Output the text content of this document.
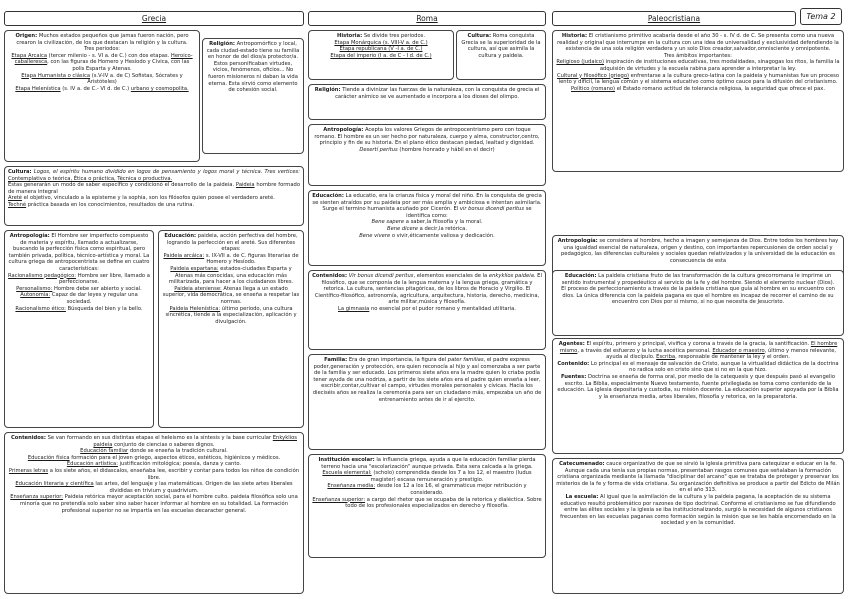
Grecia	Roma	Paleocristiana	Tema 2

Origen: Muchos estados pequeños que jamas fueron nación, pero crearon la civilización, de los que destacan la religión y la cultura.

Tres periodos:

Etapa Arcaica (tercer milenio - s. VI a. de C.) con dos etapas. Heroico-caballeresca, con las figuras de Homero y Hesíodo y Cívica, con las polis Esparta y Atenas.

Etapa Humanista o clásica (s.V-IV a. de C) Sofistas, Sócrates y Aristóteles)

Etapa Helenística (s. IV a. de C.- VI d. de C.) urbano y cosmopolita.

Religión: Antropomórfico y local, cada ciudad-estado tiene su familia en honor de del dios/a protector/a. Estos personificaban virtudes, vicios, fenómenos, oficios... No fueron misioneros ni daban la vida eterna. Esta sirvió como elemento de cohesión social.

Cultura: Logos, el espíritu humano dividido en logos de pensamiento y logos moral y técnica. Tres vertices: Contemplativa o teórica, Ética o práctica, Técnica o productiva.

Estas generarán un modo de saber específico y condicionó el desarrollo de la paideia. Paideia hombre formado de manera integral

Areté el objetivo, vinculado a la episteme y la sophia, son los filósofos quien posee el verdadero areté.

Techné práctica basada en los conocimientos, resultados de una rutina.

Antropología: El Hombre ser imperfecto compuesto de materia y espíritu, llamado a actualizarse, buscando la perfección física como espiritual, pero también privada, política, técnico-artística y moral. La cultura griega de antropocentrista se define en cuatro características:

Racionalismo pedagógico: Hombre ser libre, llamado a perfeccionarse.

Personalismo: Hombre debe ser abierto y social.

Autonomía: Capaz de dar leyes y regular una sociedad.

Racionalismo ético: Búsqueda del bien y la bello.

Educación: paideia, acción perfectiva del hombre, logrando la perfección en el areté. Sus diferentes etapas:

Paideia arcáica: s. IX-VII a. de C. figuras literarias de Homero y Hesíodo.

Paideia espartana: estados-ciudades Esparta y Atenas más conocidas, una educación más militarizada, para hacer a los ciudadanos libres.

Paideia ateniense: Atenas llega a un estado superior, vida democrática, se enseña a respetar las normas.

Paideia Helenística: último periodo, una cultura sincrética, tiende a la especialización, aplicación y divulgación.

Contenidos: Se van formando en sus distintas etapas el heleismo es la síntesis y la base curricular Enkyklios paideia conjunto de ciencias o saberes dignos.

Educación familiar donde se enseña la tradición cultural.

Educación física formación para el joven griego, aspectos éticos, estéticos, higiénicos y médicos.

Educación artística: justificación mitológica; poesía, danza y canto.

Primeras letras a los siete años, el didascalos, enseñaba lee, escribir y contar para todos los niños de condición libre.

Educación literaria y científica las artes, del lenguaje y las matemáticas. Origen de las siete artes liberales divididas en trivium y quadrivium.

Enseñanza superior: Paideia retórica mayor aceptación social, para el hombre culto. paideia filosófica solo una minoría que no pretendía solo saber sino saber hacer informar al hombre en su totalidad. La formación profesional superior no se impartía en las escuelas decaracter general.

Historia: Se divide tres periodos.

Etapa Monárquica (s. VIII-V a. de C.)

Etapa republicana (V -I a. de C.)

Etapa del imperio (I a. de C - I d. de C.)

Cultura: Roma conquista Grecia se la superioridad de la cultura, así que asimila la cultura y paideia.

Religión: Tiende a divinizar las fuerzas de la naturaleza, con la conquista de grecia el carácter anímico se ve aumentado e incorpora a los dioses del olimpo.

Antropología: Acepta los valores Griegos de antropocentrismo pero con toque romano. El hombre es un ser hecho por naturaleza, cuerpo y alma, constructor,centro, principio y fin de su historia. En el plano ético destacan piedad, lealtad y dignidad. Desertí peritus (hombre honrado y hábil en el decir)

Educación: La educatio, era la crianza física y moral del niño. En la conquista de grecia se sienten atraídos por su paideia por ser más amplia y ambiciosa e intentan asimilarla. Surge el termino humanista acuñado por Cicerón. El vir bonus dicendi peritus se identifica como:

Bene sapere a saber,la filosofía y la moral.

Bene dicere a decir,la retórica.

Bene vivere o vivir,éticamente valiosa y dedicación.

Contenidos: Vir bonus dicendi peritus, elementos esenciales de la enkyklios paideia. El filosófico, que se componía de la lengua materna y la lengua griega, gramática y retorica. La cultura, sentencias pitagóricas, de los libros de Horacio y Virgilio. El Científico-filosófico, astronomía, agricultura, arquitectura, historia, derecho, medicina, arte militar,música y filosofía.

La gimnasia no esencial por el pudor romano y mentalidad utilitaria.

Familia: Era de gran importancia, la figura del pater familias, el padre express poder,generación y protección, era quien reconocía al hijo y así comenzaba a ser parte de la familia y ser educado. Los primeros siete años era la madre quien lo criaba podía tener ayuda de una nodriza, a partir de los siete años era el padre quien enseña a leer, escribir,contar,cultivar el campo, virtudes morales personales y cívicas. Hacia los dieciséis años se realiza la ceremonia para ser un ciudadano más, empezaba un año de entrenamiento antes de ir al ejercito.

Institución escolar: la influencia griega, ayuda a que la educación familiar pierda terreno hacia una "escolarización" aunque privada. Esta sera calcada a la griega.

Escuela elemental: (scholo) comprendida desde los 7 a los 12, el maestro (ludus magister) escasa remuneración y prestigio.

Enseñanza media: desde los 12 a los 16, el grammaticus mejor retribución y considerado.

Enseñanza superior: a cargo del rhetor que se ocupaba de la retorica y dialéctica. Sobre todo de los profesionales especializados en derecho y filosofía.

Historia: El cristianismo primitivo acabaría desde el año 30 - s. IV d. de C. Se presenta como una nueva realidad y original que interrumpe en la cultura con una idea de universalidad y exclusividad defendiendo la existencia de una sola religión verdadera y un solo Dios creador,salvador,omnisciente y omnipotente.

Tres ámbitos importantes:

Religioso (judaico) inspiración de instituciones educativas, tres modalidades, sinagogas los ritos, la familia la adquisión de virtudes y la escuela rabina para aprender a interpretar la ley.

Cultural y filosófico (griego) enfrentarse a la cultura greco-latina con la paideia y humanistas fue un proceso lento y difícil, la lengua común y el sistema educativo como óptimo cauce para la difusión del cristianismo.

Político (romano) el Estado romano actitud de tolerancia religiosa, la seguridad que ofrece el pax.

Antropología: se considera al hombre, hecho a imagen y semejanza de Dios. Entre todos los hombres hay una igualdad esencial de naturaleza, origen y destino, con importantes repercusiones de orden social y pedagógico, las diferencias culturales y sociales quedan relativizados y la universidad de la educación es consecuencia de esta

Educación: La paideia cristiana fruto de las transformación de la cultura grecorromana le imprime un sentido instrumental y propedéutico al servicio de la fe y del hombre. Siendo el elemento nuclear (Dios).

El proceso de perfeccionamiento a través de la paideia cristiana que guía al hombre en su encuentro con dios. La única diferencia con la paideia pagana es que el hombre es incapaz de recorrer el camino de su encuentro con Dios por si mismo, si no que necesita de Jesucristo.

Agentes: El espíritu, primero y principal, vivifica y corona a través de la gracia, la santificación. El hombre mismo, a través del esfuerzo y la lucha ascética personal. Educador o maestro, último y menos relevante, ayuda al discípulo. Escriba, responsable de mantener la ley y el orden.

Contenido: Lo principal es el mensaje de salvación de Cristo, aunque la virtualidad didáctica de la doctrina no radica solo en cristo sino que si no en la que hizo.

Fuentes: Doctrina se enseña de forma oral, por medio de la catequesis y que después pasó al evangelio escrito. La Biblia, especialmente Nuevo testamento, fuente privilegiada se toma como contenido de la educación. La iglesia depositaria y custodia, su misión docente. La educación superior apoyada por la Biblia y la enseñanza media, artes liberales, filosofía y retorica, en la preparatoria.

Catecumenado: cauce organizativo de que se sirvió la iglesia primitiva para catequizar e educar en la fe. Aunque cada una tenía sus propias normas, presentaban rasgos comunes que señalaban la formación cristiana organizada mediante la llamada "disciplinar del arcano" que se trataba de proteger y preservar los misterios de la fe y forma de vida cristiana. Su organización definitiva se produce a partir del Edicto de Milán en el año 313.

La escuela: Al igual que la asimilación de la cultura y la paideia pagana, la aceptación de su sistema educativo resultó problemático por razones de tipo doctrinal. Conforme el cristianismo se fue difundiendo entre las élites sociales y la iglesia se iba institucionalizando, surgió la necesidad de algunos cristianos frecuentes en las escuelas paganas como formación según la misión que se les había encomendado en la sociedad y en la comunidad.
